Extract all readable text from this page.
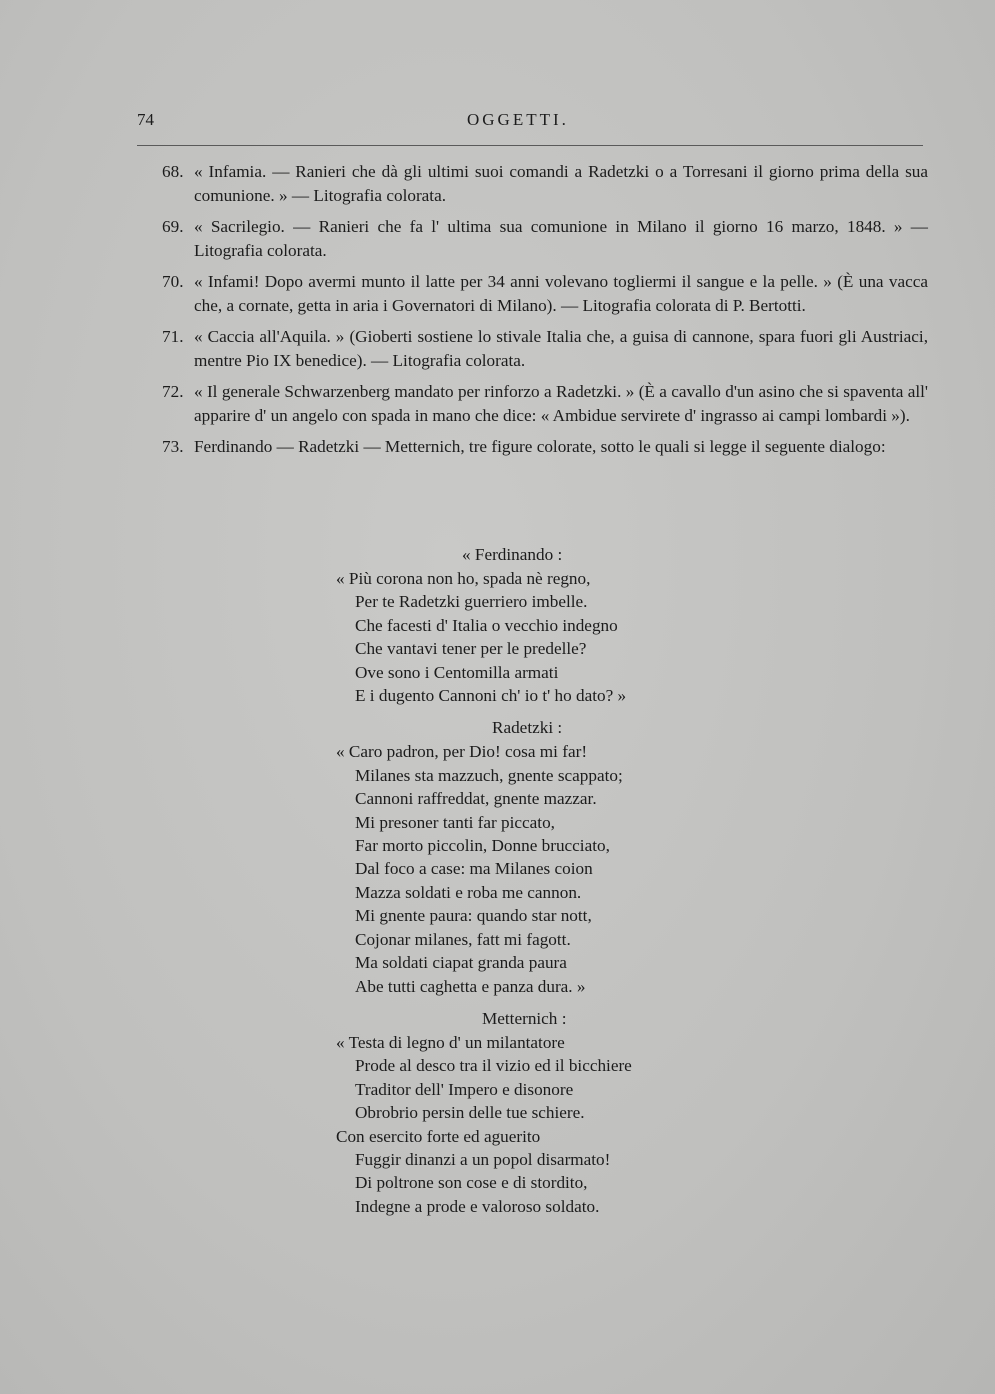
74	OGGETTI.
68. « Infamia. — Ranieri che dà gli ultimi suoi comandi a Radetzki o a Torresani il giorno prima della sua comunione. » — Litografia colorata.
69. « Sacrilegio. — Ranieri che fa l' ultima sua comunione in Milano il giorno 16 marzo, 1848. » — Litografia colorata.
70. « Infami! Dopo avermi munto il latte per 34 anni volevano togliermi il sangue e la pelle. » (È una vacca che, a cornate, getta in aria i Governatori di Milano). — Litografia colorata di P. Bertotti.
71. « Caccia all'Aquila. » (Gioberti sostiene lo stivale Italia che, a guisa di cannone, spara fuori gli Austriaci, mentre Pio IX benedice). — Litografia colorata.
72. « Il generale Schwarzenberg mandato per rinforzo a Radetzki. » (È a cavallo d'un asino che si spaventa all' apparire d' un angelo con spada in mano che dice: « Ambidue servirete d' ingrasso ai campi lombardi »).
73. Ferdinando — Radetzki — Metternich, tre figure colorate, sotto le quali si legge il seguente dialogo:
« Ferdinando :
« Più corona non ho, spada nè regno,
Per te Radetzki guerriero imbelle.
Che facesti d' Italia o vecchio indegno
Che vantavi tener per le predelle?
Ove sono i Centomilla armati
E i dugento Cannoni ch' io t' ho dato? »
Radetzki :
« Caro padron, per Dio! cosa mi far!
Milanes sta mazzuch, gnente scappato;
Cannoni raffreddat, gnente mazzar.
Mi presoner tanti far piccato,
Far morto piccolin, Donne brucciato,
Dal foco a case: ma Milanes coion
Mazza soldati e roba me cannon.
Mi gnente paura: quando star nott,
Cojonar milanes, fatt mi fagott.
Ma soldati ciapat granda paura
Abe tutti caghetta e panza dura. »
Metternich :
« Testa di legno d' un milantatore
Prode al desco tra il vizio ed il bicchiere
Traditor dell' Impero e disonore
Obrobrio persin delle tue schiere.
Con esercito forte ed aguerito
Fuggir dinanzi a un popol disarmato!
Di poltrone son cose e di stordito,
Indegne a prode e valoroso soldato.
